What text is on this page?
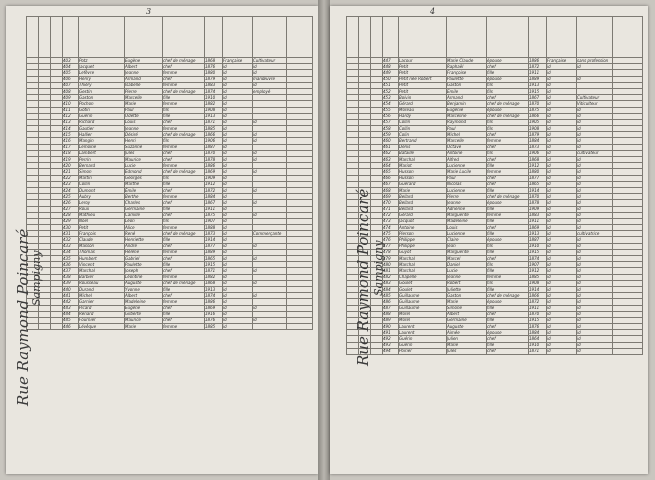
3

			403	Potz	Eugène	chef de ménage	1868	Française	Cultivateur	
			404	Jacquet	Albert	chef	1876	id	id	
			405	Lefèvre	Jeanne	femme	1880	id	id	
			406	Henry	Armand	chef	1879	id	manœuvre	
			407	Thiéry	Isabelle	femme	1883	id	id	
			408	Gestin	Pierre	chef de ménage	1874	id	employé	
			409	Gaston	Marcelle	fille	1910	id		
			410	Pochon	Marie	femme	1882	id		
			411	Gotin	Paul	fils	1908	id		
			412	Guérin	Odette	fille	1913	id		
			413	Richard	Louis	chef	1871	id	id	
			414	Gautier	Jeanne	femme	1885	id		
			415	Hallier	Désiré	chef de ménage	1866	id	id	
			416	Mangin	Henri	fils	1906	id	id	
			417	Lemoine	Suzanne	femme	1887	id		
			418	Lambert	Jules	chef	1870	id	id	
			419	Perrin	Maurice	chef	1878	id	id	
			420	Bernard	Lucie	femme	1886	id		
			421	Simon	Edmond	chef de ménage	1869	id	id	
			422	Martin	Georges	fils	1909	id		
			423	Collin	Marthe	fille	1912	id		
			424	Dumont	Émile	chef	1872	id	id	
			425	Aubry	Berthe	femme	1884	id		
			426	Leroy	Charles	chef	1867	id	id	
			427	Roux	Germaine	fille	1911	id		
			428	Mathieu	Camille	chef	1875	id	id	
			429	Noël	Léon	fils	1907	id		
			430	Petit	Alice	femme	1888	id		
			431	François	René	chef de ménage	1873	id	Commerçante	
			432	Claude	Henriette	fille	1914	id		
			433	Masson	André	chef	1877	id	id	
			434	Thomas	Hélène	femme	1889	id		
			435	Humbert	Gabriel	chef	1865	id	id	
			436	Vincent	Paulette	fille	1915	id		
			437	Marchal	Joseph	chef	1871	id	id	
			438	Barbier	Léontine	femme	1882	id		
			439	Rousseau	Auguste	chef de ménage	1868	id	id	
			440	Durand	Yvonne	fille	1913	id		
			441	Michel	Albert	chef	1874	id	id	
			442	Garnier	Madeleine	femme	1886	id		
			443	Picard	Eugène	chef	1869	id	id	
			444	Renard	Gilberte	fille	1916	id		
			445	Fournier	Maurice	chef	1876	id	id	
			446	Lévêque	Marie	femme	1885	id		
Rue Raymond Poincaré
Sampigny
4

			447	Lacour	Marie Claude	épouse	1886	Française	sans profession	
			448	Petit	Raphaël	chef	1872	id	id	
			449	Petit	Françoise	fille	1911	id		
			450	Petit née Robert	Paulette	épouse	1889	id	id	
			451	Petit	Gaston	fils	1913	id		
			452	Petit	Emile	fils	1915	id		
			453	Boivin	Armand	chef	1867	id	Cultivateur	
			454	Gérard	Benjamin	chef de ménage	1870	id	Viticulteur	
			455	Moreau	Eugénie	épouse	1875	id	id	
			456	Hardy	Marceline	chef de ménage	1866	id	id	
			457	Collin	Raymond	fils	1905	id	id	
			458	Collin	Paul	fils	1908	id	id	
			459	Colin	Michel	chef	1879	id	id	
			460	Bertrand	Marcelle	femme	1884	id	id	
			461	Denis	Octave	chef	1873	id	id	
			462	Bataille	Antoine	fils	1906	id	cultivateur	
			463	Marchal	Alfred	chef	1868	id	id	
			464	Mariot	Lucienne	fille	1912	id	id	
			465	Husson	Marie Lucile	femme	1880	id	id	
			466	Husson	Paul	chef	1877	id	id	
			467	Guérard	Nicolas	chef	1865	id	id	
			468	Marie	Lucienne	fille	1914	id	id	
			469	Bellard	Pierre	chef de ménage	1870	id	id	
			470	Bellard	Jeanne	épouse	1878	id	id	
			471	Bellard	Adrienne	fille	1909	id	id	
			472	Gérard	Marguerite	femme	1883	id	id	
			473	Jacquot	Madeleine	fille	1911	id	id	
			474	Antoine	Louis	chef	1869	id	id	
			475	Pierson	Lucienne	fille	1913	id	cultivatrice	
			476	Philippe	Claire	épouse	1887	id	id	
			477	Philippe	Jean	fils	1910	id	id	
			478	Guyot	Marguerite	fille	1915	id	id	
			479	Marchal	Marcel	chef	1874	id	id	
			480	Marchal	Daniel	fils	1907	id	id	
			481	Marchal	Lucie	fille	1912	id	id	
			482	Chapelle	Jeanne	femme	1885	id	id	
			483	Goulet	Robert	fils	1908	id	id	
			484	Goulet	Juliette	fille	1914	id	id	
			485	Guillaume	Gaston	chef de ménage	1866	id	id	
			486	Guillaume	Marie	épouse	1872	id	id	
			487	Guillaume	Simone	fille	1911	id	id	
			488	Morel	Albert	chef	1870	id	id	
			489	Morel	Germaine	fille	1915	id	id	
			490	Laurent	Auguste	chef	1876	id	id	
			491	Laurent	Aimée	épouse	1884	id	id	
			492	Guérin	Julien	chef	1864	id	id	
			493	Guérin	Marie	fille	1910	id	id	
			494	Poirier	Jules	chef	1871	id	id	
Rue Raymond Poincaré Sampigny
